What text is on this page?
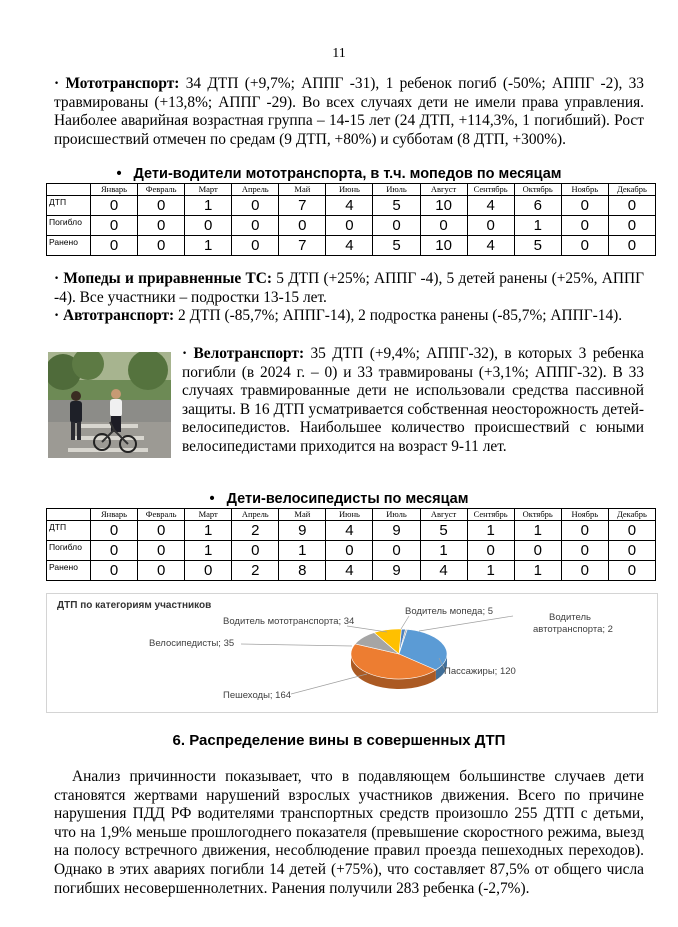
11
· Мототранспорт: 34 ДТП (+9,7%; АППГ -31), 1 ребенок погиб (-50%; АППГ -2), 33 травмированы (+13,8%; АППГ -29). Во всех случаях дети не имели права управления. Наиболее аварийная возрастная группа – 14-15 лет (24 ДТП, +114,3%, 1 погибший). Рост происшествий отмечен по средам (9 ДТП, +80%) и субботам (8 ДТП, +300%).
• Дети-водители мототранспорта, в т.ч. мопедов по месяцам
	Январь	Февраль	Март	Апрель	Май	Июнь	Июль	Август	Сентябрь	Октябрь	Ноябрь	Декабрь
ДТП	0	0	1	0	7	4	5	10	4	6	0	0
Погибло	0	0	0	0	0	0	0	0	0	1	0	0
Ранено	0	0	1	0	7	4	5	10	4	5	0	0
· Мопеды и приравненные ТС: 5 ДТП (+25%; АППГ -4), 5 детей ранены (+25%, АППГ -4). Все участники – подростки 13-15 лет.
· Автотранспорт: 2 ДТП (-85,7%; АППГ-14), 2 подростка ранены (-85,7%; АППГ-14).
· Велотранспорт: 35 ДТП (+9,4%; АППГ-32), в которых 3 ребенка погибли (в 2024 г. – 0) и 33 травмированы (+3,1%; АППГ-32). В 33 случаях травмированные дети не использовали средства пассивной защиты. В 16 ДТП усматривается собственная неосторожность детей-велосипедистов. Наибольшее количество происшествий с юными велосипедистами приходится на возраст 9-11 лет.
• Дети-велосипедисты по месяцам
	Январь	Февраль	Март	Апрель	Май	Июнь	Июль	Август	Сентябрь	Октябрь	Ноябрь	Декабрь
ДТП	0	0	1	2	9	4	9	5	1	1	0	0
Погибло	0	0	1	0	1	0	0	1	0	0	0	0
Ранено	0	0	0	2	8	4	9	4	1	1	0	0
ДТП по категориям участников
Водитель мопеда; 5
Водитель автотранспорта; 2
Пассажиры; 120
Пешеходы; 164
Велосипедисты; 35
Водитель мототранспорта; 34
6. Распределение вины в совершенных ДТП
Анализ причинности показывает, что в подавляющем большинстве случаев дети становятся жертвами нарушений взрослых участников движения. Всего по причине нарушения ПДД РФ водителями транспортных средств произошло 255 ДТП с детьми, что на 1,9% меньше прошлогоднего показателя (превышение скоростного режима, выезд на полосу встречного движения, несоблюдение правил проезда пешеходных переходов). Однако в этих авариях погибли 14 детей (+75%), что составляет 87,5% от общего числа погибших несовершеннолетних. Ранения получили 283 ребенка (-2,7%).
